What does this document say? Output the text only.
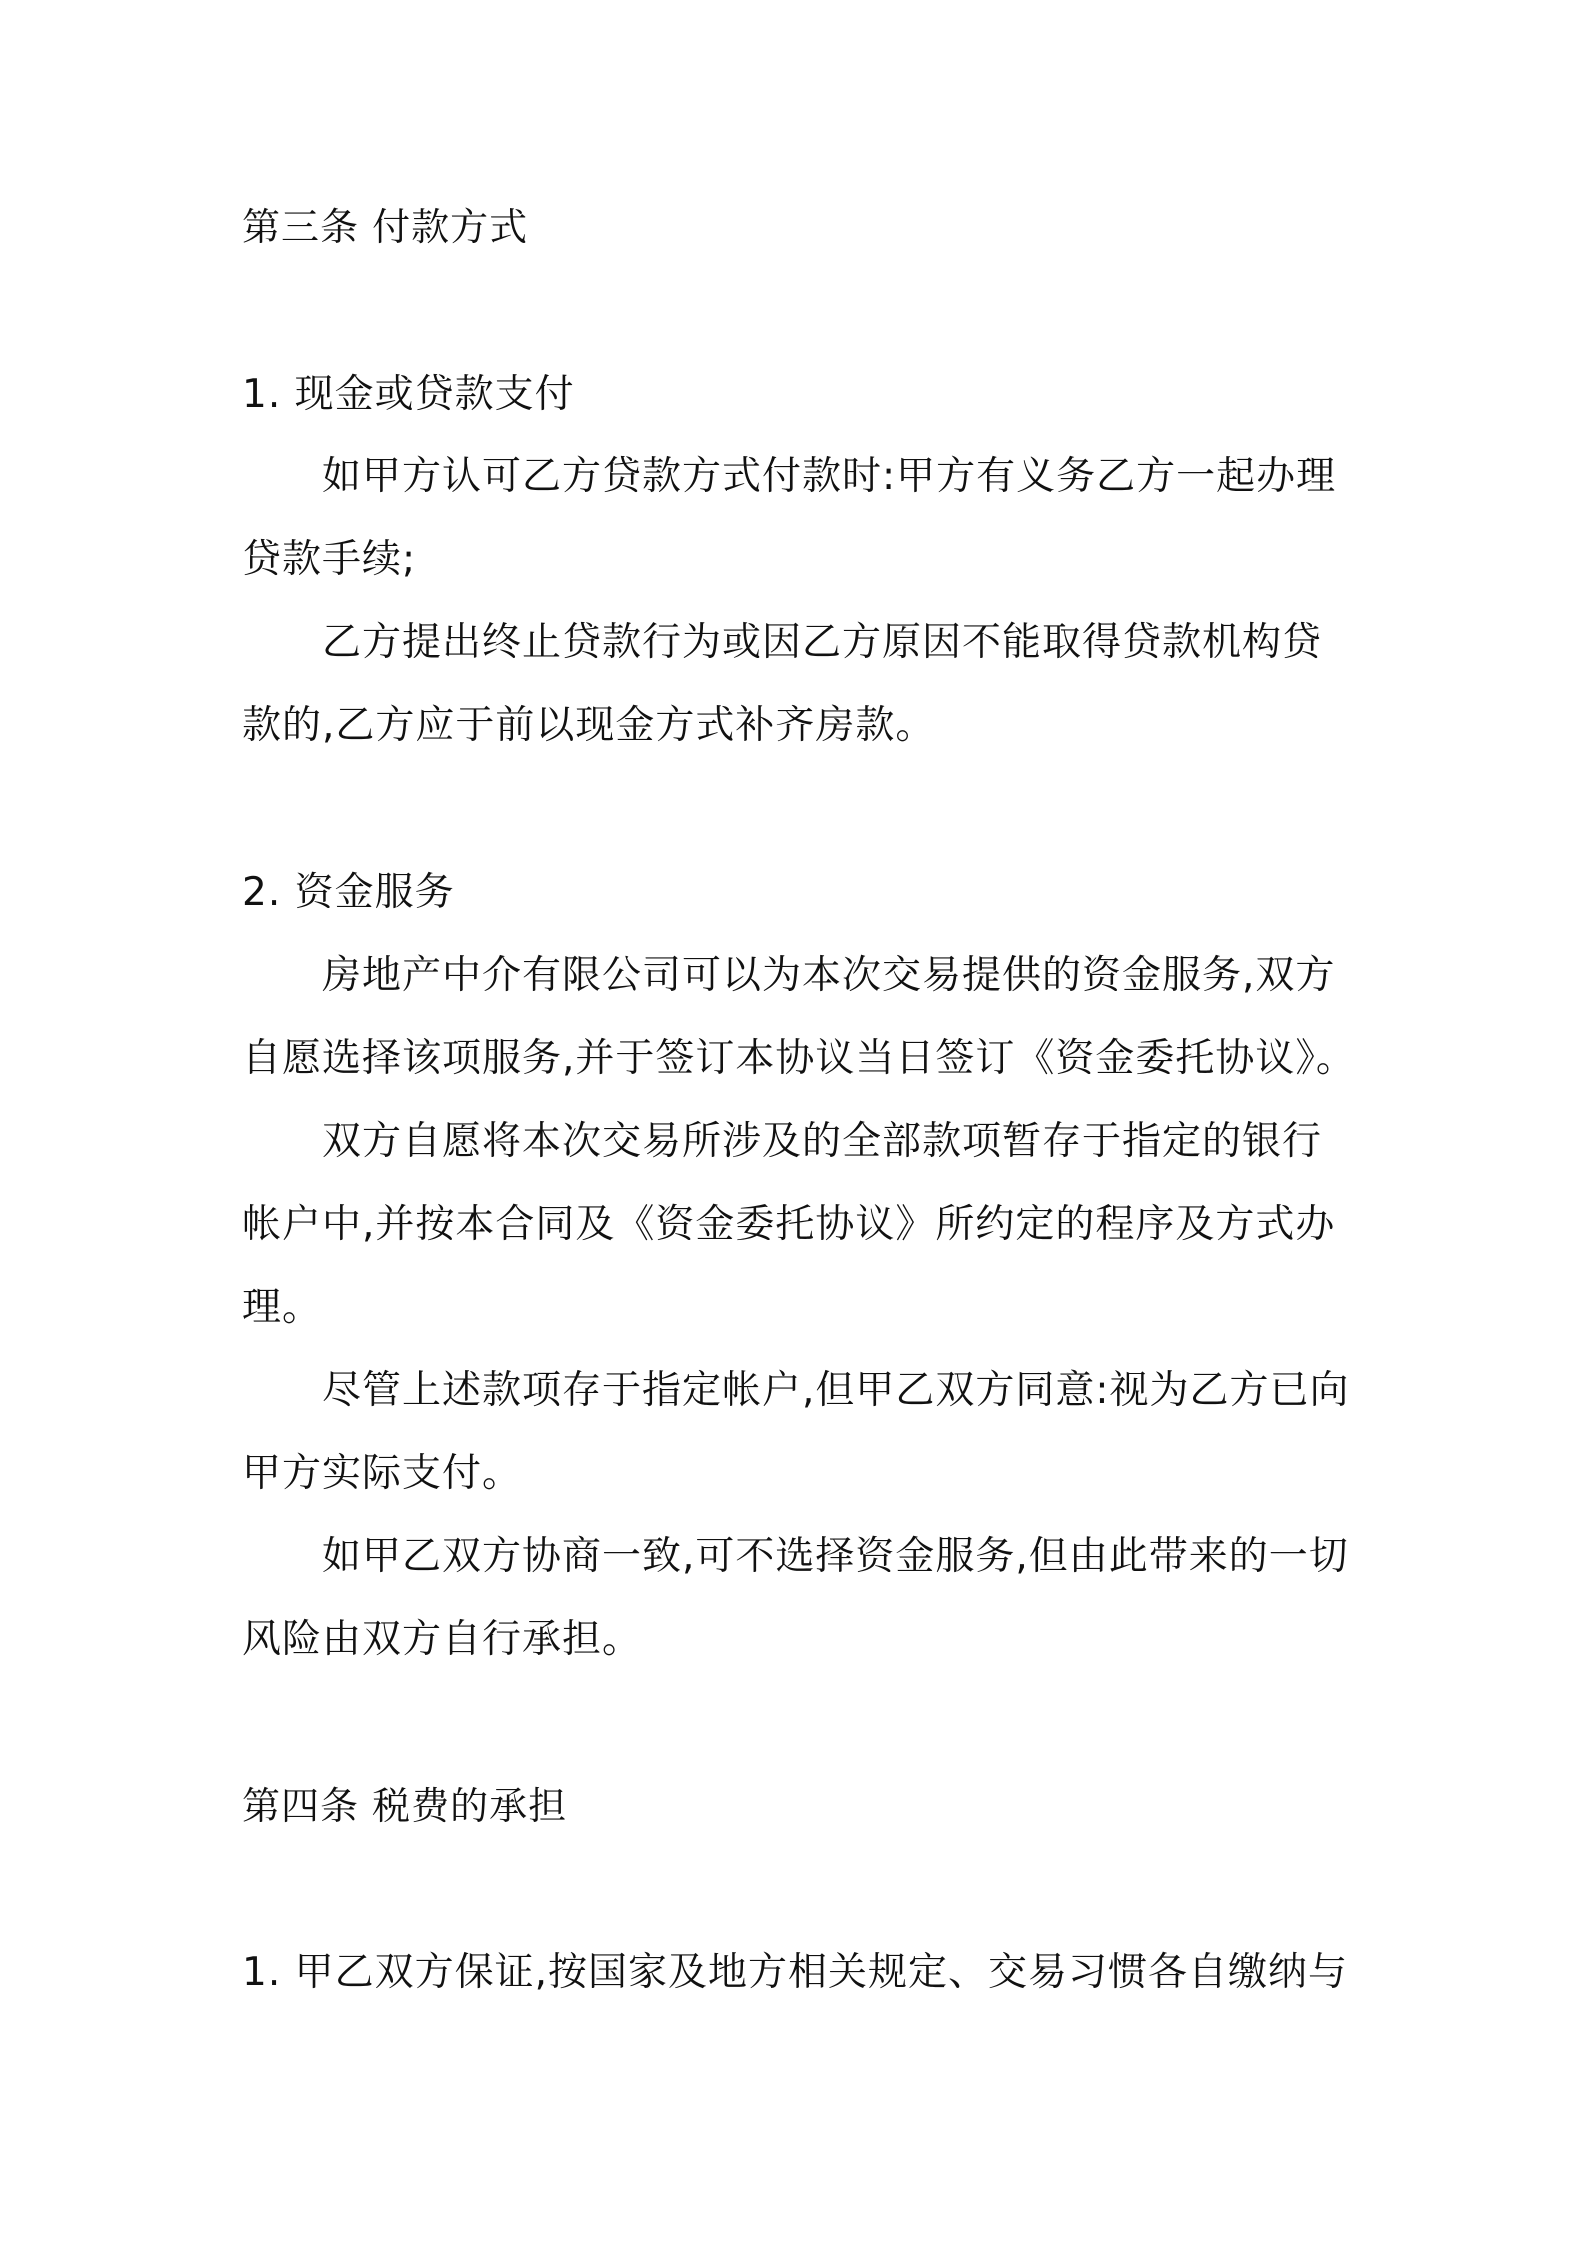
第三条 付款方式
1. 现金或贷款支付
如甲方认可乙方贷款方式付款时:甲方有义务乙方一起办理
贷款手续;
乙方提出终止贷款行为或因乙方原因不能取得贷款机构贷
款的,乙方应于前以现金方式补齐房款。
2. 资金服务
房地产中介有限公司可以为本次交易提供的资金服务,双方
自愿选择该项服务,并于签订本协议当日签订《资金委托协议》。
双方自愿将本次交易所涉及的全部款项暂存于指定的银行
帐户中,并按本合同及《资金委托协议》所约定的程序及方式办
理。
尽管上述款项存于指定帐户,但甲乙双方同意:视为乙方已向
甲方实际支付。
如甲乙双方协商一致,可不选择资金服务,但由此带来的一切
风险由双方自行承担。
第四条 税费的承担
1. 甲乙双方保证,按国家及地方相关规定、交易习惯各自缴纳与
